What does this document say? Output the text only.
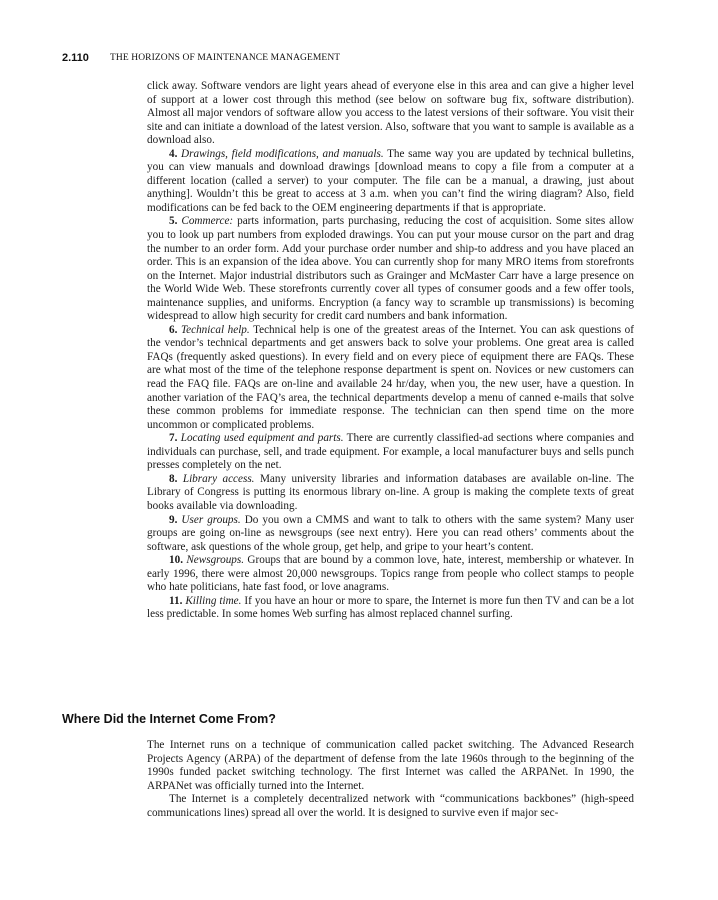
2.110 THE HORIZONS OF MAINTENANCE MANAGEMENT

click away. Software vendors are light years ahead of everyone else in this area and can give a higher level of support at a lower cost through this method (see below on software bug fix, software distribution). Almost all major vendors of software allow you access to the latest versions of their software. You visit their site and can initiate a download of the latest version. Also, software that you want to sample is available as a download also.

4. Drawings, field modifications, and manuals. The same way you are updated by technical bulletins, you can view manuals and download drawings [download means to copy a file from a computer at a different location (called a server) to your computer. The file can be a manual, a drawing, just about anything]. Wouldn’t this be great to access at 3 a.m. when you can’t find the wiring diagram? Also, field modifications can be fed back to the OEM engineering departments if that is appropriate.

5. Commerce: parts information, parts purchasing, reducing the cost of acquisition. Some sites allow you to look up part numbers from exploded drawings. You can put your mouse cursor on the part and drag the number to an order form. Add your purchase order number and ship-to address and you have placed an order. This is an expansion of the idea above. You can currently shop for many MRO items from storefronts on the Internet. Major industrial distributors such as Grainger and McMaster Carr have a large presence on the World Wide Web. These storefronts currently cover all types of consumer goods and a few offer tools, maintenance supplies, and uniforms. Encryption (a fancy way to scramble up transmissions) is becoming widespread to allow high security for credit card numbers and bank information.

6. Technical help. Technical help is one of the greatest areas of the Internet. You can ask questions of the vendor’s technical departments and get answers back to solve your problems. One great area is called FAQs (frequently asked questions). In every field and on every piece of equipment there are FAQs. These are what most of the time of the telephone response department is spent on. Novices or new customers can read the FAQ file. FAQs are on-line and available 24 hr/day, when you, the new user, have a question. In another variation of the FAQ’s area, the technical departments develop a menu of canned e-mails that solve these common problems for immediate response. The technician can then spend time on the more uncommon or complicated problems.

7. Locating used equipment and parts. There are currently classified-ad sections where companies and individuals can purchase, sell, and trade equipment. For example, a local manufacturer buys and sells punch presses completely on the net.

8. Library access. Many university libraries and information databases are available on-line. The Library of Congress is putting its enormous library on-line. A group is making the complete texts of great books available via downloading.

9. User groups. Do you own a CMMS and want to talk to others with the same system? Many user groups are going on-line as newsgroups (see next entry). Here you can read others’ comments about the software, ask questions of the whole group, get help, and gripe to your heart’s content.

10. Newsgroups. Groups that are bound by a common love, hate, interest, membership or whatever. In early 1996, there were almost 20,000 newsgroups. Topics range from people who collect stamps to people who hate politicians, hate fast food, or love anagrams.

11. Killing time. If you have an hour or more to spare, the Internet is more fun then TV and can be a lot less predictable. In some homes Web surfing has almost replaced channel surfing.

Where Did the Internet Come From?

The Internet runs on a technique of communication called packet switching. The Advanced Research Projects Agency (ARPA) of the department of defense from the late 1960s through to the beginning of the 1990s funded packet switching technology. The first Internet was called the ARPANet. In 1990, the ARPANet was officially turned into the Internet.

The Internet is a completely decentralized network with “communications backbones” (high-speed communications lines) spread all over the world. It is designed to survive even if major sec-
